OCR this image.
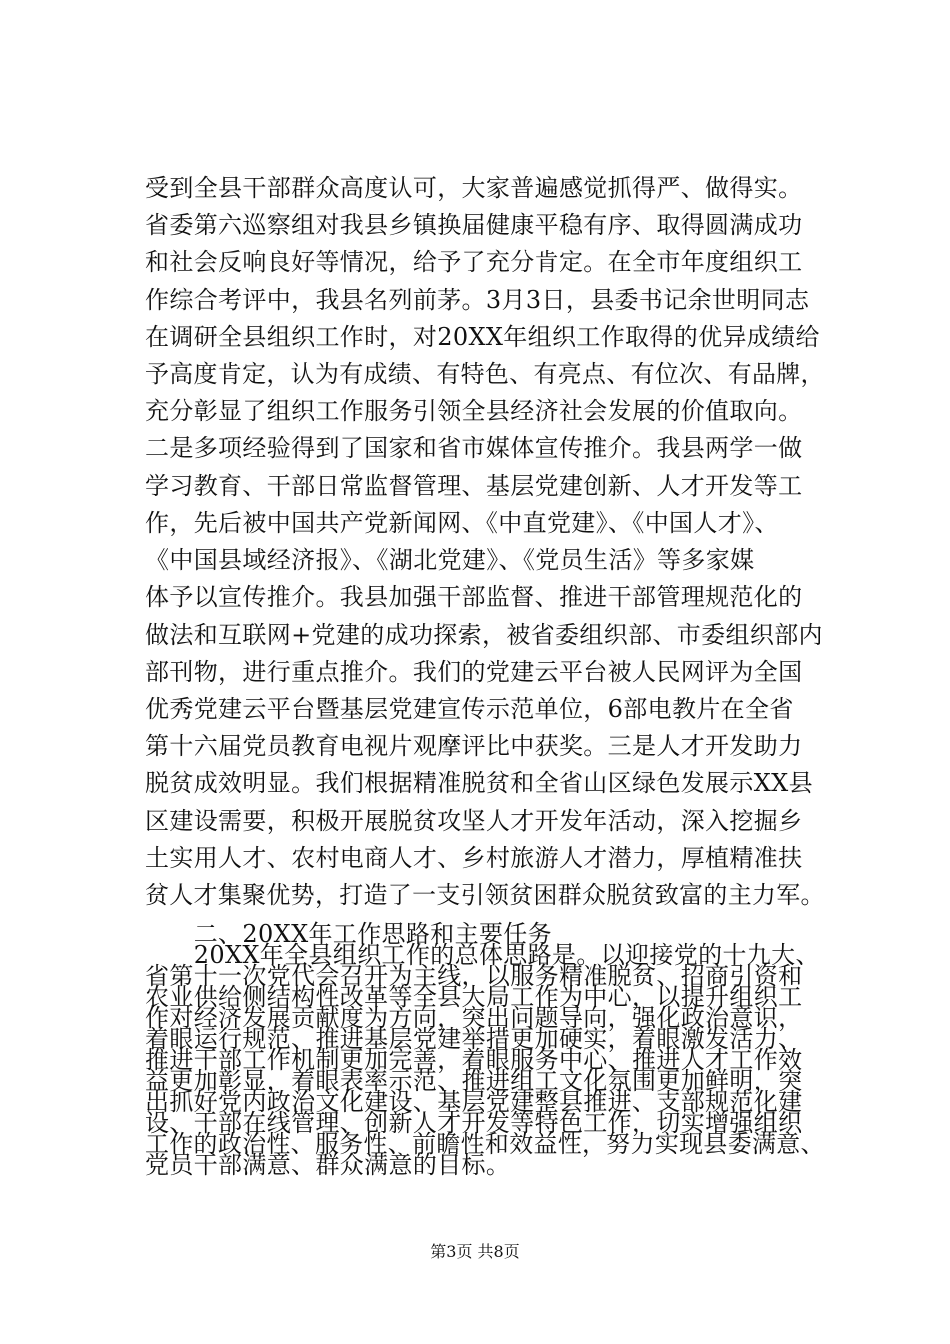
受到全县干部群众高度认可，大家普遍感觉抓得严、做得实。
省委第六巡察组对我县乡镇换届健康平稳有序、取得圆满成功
和社会反响良好等情况，给予了充分肯定。在全市年度组织工
作综合考评中，我县名列前茅。3月3日，县委书记余世明同志
在调研全县组织工作时，对20XX年组织工作取得的优异成绩给
予高度肯定，认为有成绩、有特色、有亮点、有位次、有品牌，
充分彰显了组织工作服务引领全县经济社会发展的价值取向。
二是多项经验得到了国家和省市媒体宣传推介。我县两学一做
学习教育、干部日常监督管理、基层党建创新、人才开发等工
作，先后被中国共产党新闻网、《中直党建》、《中国人才》、
《中国县域经济报》、《湖北党建》、《党员生活》等多家媒
体予以宣传推介。我县加强干部监督、推进干部管理规范化的
做法和互联网+党建的成功探索，被省委组织部、市委组织部内
部刊物，进行重点推介。我们的党建云平台被人民网评为全国
优秀党建云平台暨基层党建宣传示范单位，6部电教片在全省
第十六届党员教育电视片观摩评比中获奖。三是人才开发助力
脱贫成效明显。我们根据精准脱贫和全省山区绿色发展示XX县
区建设需要，积极开展脱贫攻坚人才开发年活动，深入挖掘乡
土实用人才、农村电商人才、乡村旅游人才潜力，厚植精准扶
贫人才集聚优势，打造了一支引领贫困群众脱贫致富的主力军。
　　二、20XX年工作思路和主要任务
　　20XX年全县组织工作的总体思路是。以迎接党的十九大、
省第十一次党代会召开为主线，以服务精准脱贫、招商引资和
农业供给侧结构性改革等全县大局工作为中心，以提升组织工
作对经济发展贡献度为方向，突出问题导向，强化政治意识，
着眼运行规范、推进基层党建举措更加硬实，着眼激发活力、
推进干部工作机制更加完善，着眼服务中心、推进人才工作效
益更加彰显，着眼表率示范、推进组工文化氛围更加鲜明，突
出抓好党内政治文化建设、基层党建整县推进、支部规范化建
设、干部在线管理、创新人才开发等特色工作，切实增强组织
工作的政治性、服务性、前瞻性和效益性，努力实现县委满意、
党员干部满意、群众满意的目标。
第3页 共8页
